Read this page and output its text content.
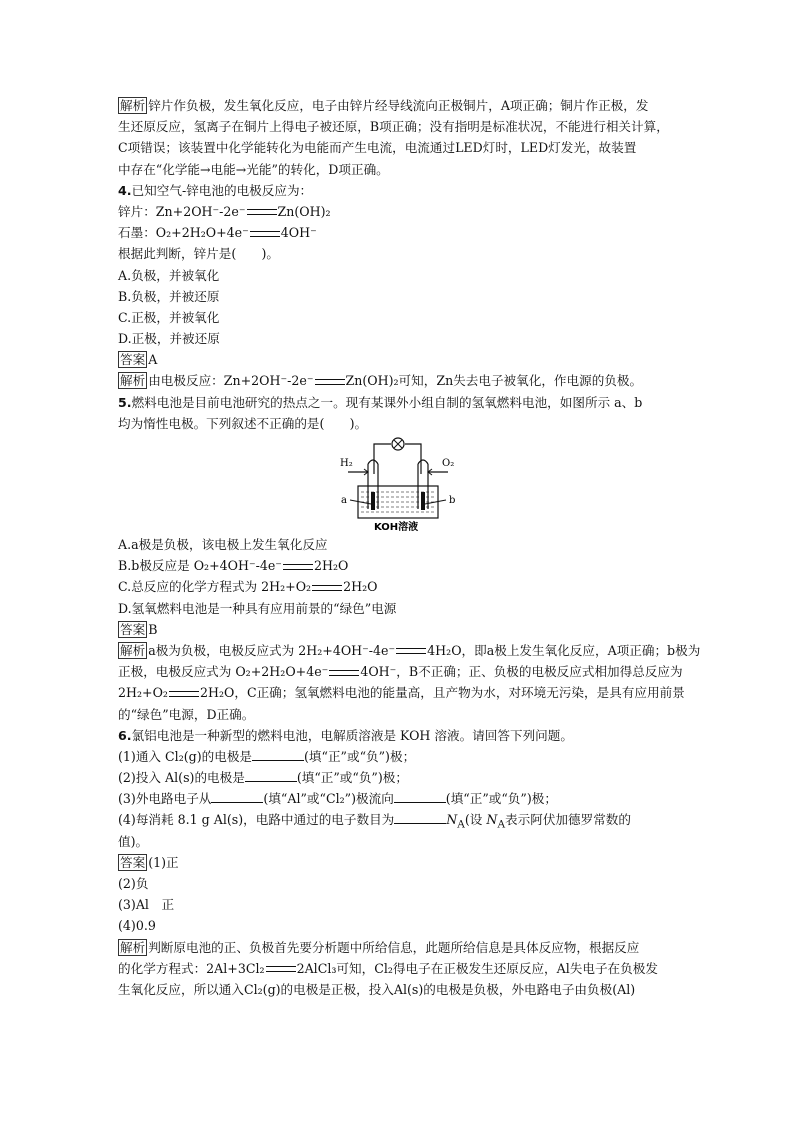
解析 锌片作负极，发生氧化反应，电子由锌片经导线流向正极铜片，A项正确；铜片作正极，发
生还原反应，氢离子在铜片上得电子被还原，B项正确；没有指明是标准状况，不能进行相关计算，
C项错误；该装置中化学能转化为电能而产生电流，电流通过LED灯时，LED灯发光，故装置
中存在“化学能→电能→光能”的转化，D项正确。
4.已知空气-锌电池的电极反应为：
锌片：Zn+2OH⁻-2e⁻	Zn(OH)₂
石墨：O₂+2H₂O+4e⁻	4OH⁻
根据此判断，锌片是(　　)。
A.负极，并被氧化
B.负极，并被还原
C.正极，并被氧化
D.正极，并被还原
答案 A
解析 由电极反应：Zn+2OH⁻-2e⁻	Zn(OH)₂可知，Zn失去电子被氧化，作电源的负极。
5.燃料电池是目前电池研究的热点之一。现有某课外小组自制的氢氧燃料电池，如图所示 a、b
均为惰性电极。下列叙述不正确的是(　　)。
H₂	O₂
a	b
KOH溶液
A.a极是负极，该电极上发生氧化反应
B.b极反应是 O₂+4OH⁻-4e⁻	2H₂O
C.总反应的化学方程式为 2H₂+O₂	2H₂O
D.氢氧燃料电池是一种具有应用前景的“绿色”电源
答案 B
解析 a极为负极，电极反应式为 2H₂+4OH⁻-4e⁻	4H₂O，即a极上发生氧化反应，A项正确；b极为
正极，电极反应式为 O₂+2H₂O+4e⁻	4OH⁻，B不正确；正、负极的电极反应式相加得总反应为
2H₂+O₂	2H₂O，C正确；氢氧燃料电池的能量高，且产物为水，对环境无污染，是具有应用前景
的“绿色”电源，D正确。
6.氯铝电池是一种新型的燃料电池，电解质溶液是 KOH 溶液。请回答下列问题。
(1)通入 Cl₂(g)的电极是	(填“正”或“负”)极；
(2)投入 Al(s)的电极是	(填“正”或“负”)极；
(3)外电路电子从	(填“Al”或“Cl₂”)极流向	(填“正”或“负”)极；
(4)每消耗 8.1 g Al(s)，电路中通过的电子数目为	$N_A$(设 $N_A$表示阿伏加德罗常数的
值)。
答案 (1)正
(2)负
(3)Al　正
(4)0.9
解析 判断原电池的正、负极首先要分析题中所给信息，此题所给信息是具体反应物，根据反应
的化学方程式：2Al+3Cl₂	2AlCl₃可知，Cl₂得电子在正极发生还原反应，Al失电子在负极发
生氧化反应，所以通入Cl₂(g)的电极是正极，投入Al(s)的电极是负极，外电路电子由负极(Al)
